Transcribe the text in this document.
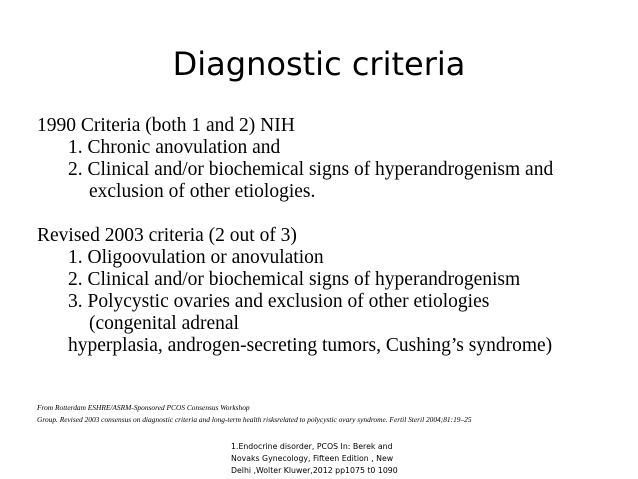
Diagnostic criteria
1990 Criteria (both 1 and 2) NIH
1. Chronic anovulation and
2. Clinical and/or biochemical signs of hyperandrogenism and
exclusion of other etiologies.
Revised 2003 criteria (2 out of 3)
1. Oligoovulation or anovulation
2. Clinical and/or biochemical signs of hyperandrogenism
3. Polycystic ovaries and exclusion of other etiologies
(congenital adrenal
hyperplasia, androgen-secreting tumors, Cushing’s syndrome)
From Rotterdam ESHRE/ASRM-Sponsored PCOS Consensus Workshop
Group. Revised 2003 consensus on diagnostic criteria and long-term health risksrelated to polycystic ovary syndrome. Fertil Steril 2004;81:19–25
1.Endocrine disorder, PCOS In: Berek and
Novaks Gynecology, Fifteen Edition , New
Delhi ,Wolter Kluwer,2012 pp1075 t0 1090
